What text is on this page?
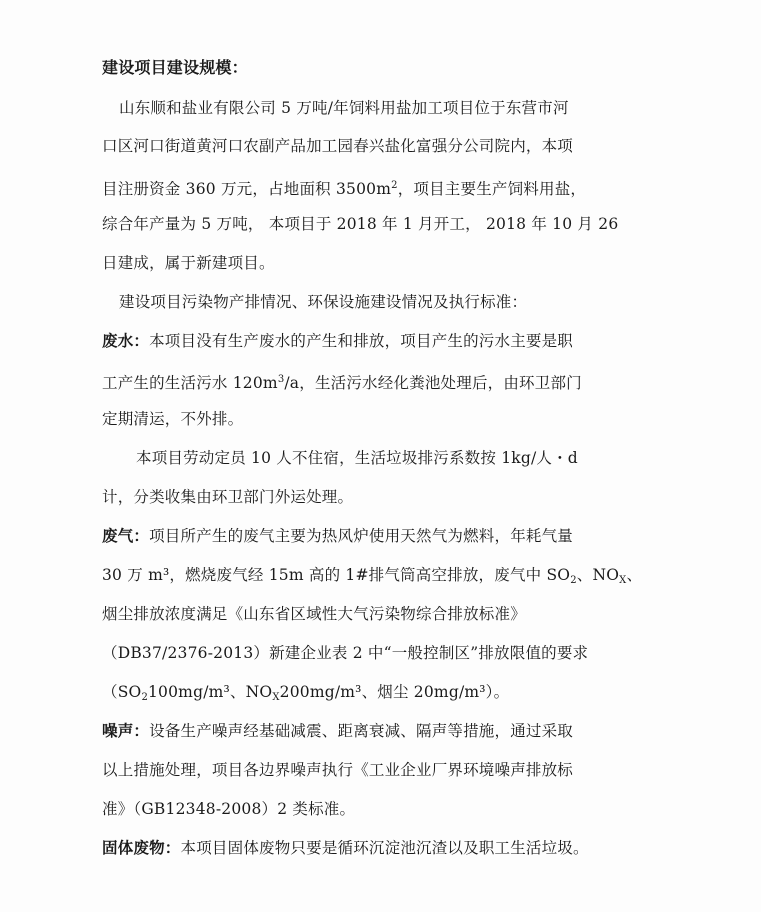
建设项目建设规模：
山东顺和盐业有限公司 5 万吨/年饲料用盐加工项目位于东营市河
口区河口街道黄河口农副产品加工园春兴盐化富强分公司院内，本项
目注册资金 360 万元，占地面积 $3500m^2$，项目主要生产饲料用盐，
综合年产量为 5 万吨， 本项目于 2018 年 1 月开工， 2018 年 10 月 26
日建成，属于新建项目。
建设项目污染物产排情况、环保设施建设情况及执行标准：
废水：本项目没有生产废水的产生和排放，项目产生的污水主要是职
工产生的生活污水 $120m^3/a$，生活污水经化粪池处理后，由环卫部门
定期清运，不外排。
本项目劳动定员 10 人不住宿，生活垃圾排污系数按 1kg/人・d
计，分类收集由环卫部门外运处理。
废气：项目所产生的废气主要为热风炉使用天然气为燃料，年耗气量
30 万 m³，燃烧废气经 15m 高的 1#排气筒高空排放，废气中 $SO_2$、$NO_X$、
烟尘排放浓度满足《山东省区域性大气污染物综合排放标准》
（DB37/2376-2013）新建企业表 2 中“一般控制区”排放限值的要求
（$SO_2100mg/m^3$、$NO_X200mg/m^3$、烟尘 20mg/m³）。
噪声：设备生产噪声经基础减震、距离衰减、隔声等措施，通过采取
以上措施处理，项目各边界噪声执行《工业企业厂界环境噪声排放标
准》（GB12348-2008）2 类标准。
固体废物：本项目固体废物只要是循环沉淀池沉渣以及职工生活垃圾。
